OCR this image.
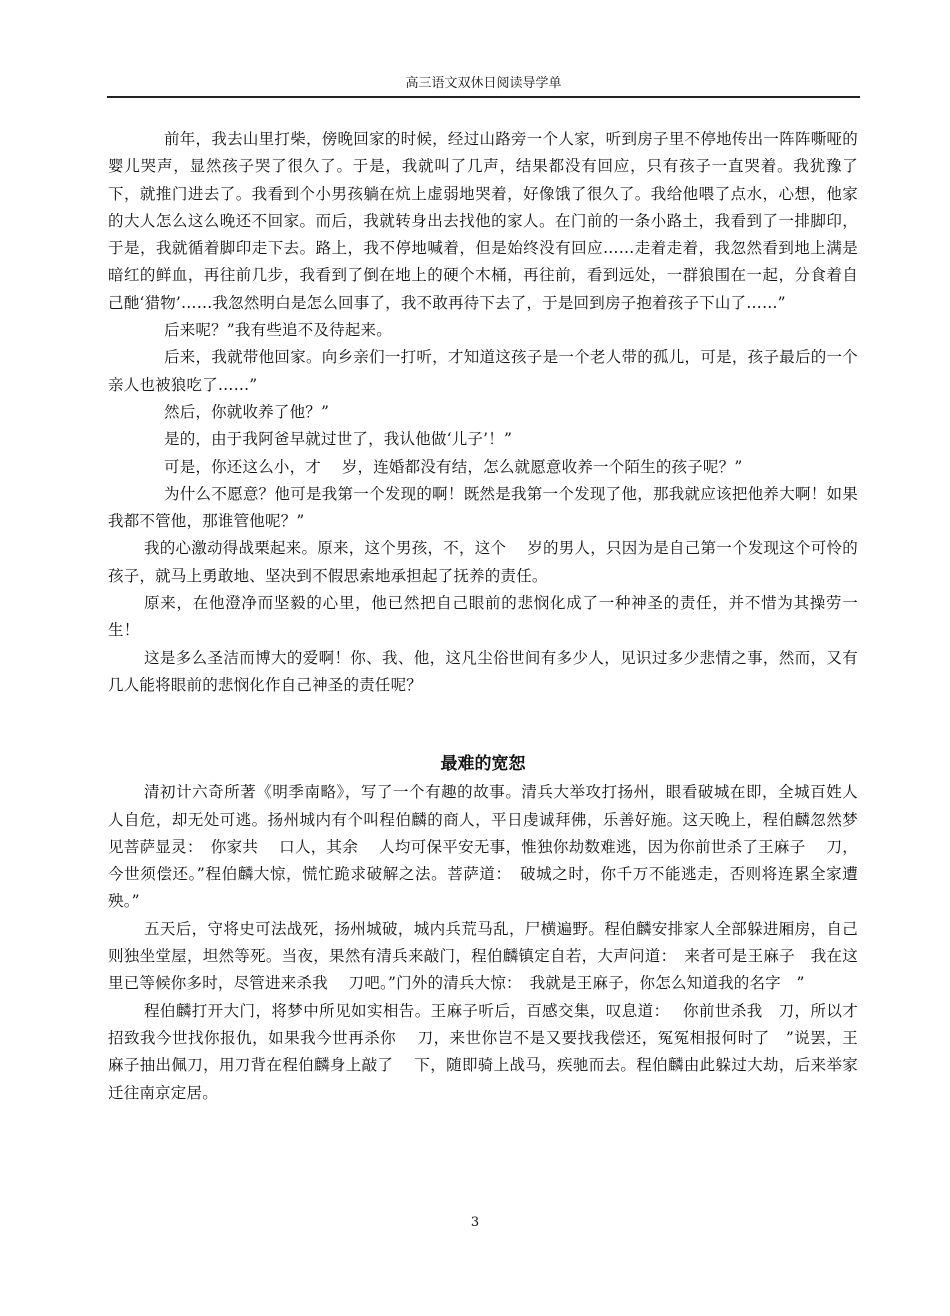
高三语文双休日阅读导学单

前年，我去山里打柴，傍晚回家的时候，经过山路旁一个人家，听到房子里不停地传出一阵阵嘶哑的婴儿哭声，显然孩子哭了很久了。于是，我就叫了几声，结果都没有回应，只有孩子一直哭着。我犹豫了下，就推门进去了。我看到个小男孩躺在炕上虚弱地哭着，好像饿了很久了。我给他喂了点水，心想，他家的大人怎么这么晚还不回家。而后，我就转身出去找他的家人。在门前的一条小路土，我看到了一排脚印，于是，我就循着脚印走下去。路上，我不停地喊着，但是始终没有回应……走着走着，我忽然看到地上满是暗红的鲜血，再往前几步，我看到了倒在地上的硬个木桶，再往前，看到远处，一群狼围在一起，分食着自己酏‘猎物’……我忽然明白是怎么回事了，我不敢再待下去了，于是回到房子抱着孩子下山了……”

后来呢？”我有些追不及待起来。

后来，我就带他回家。向乡亲们一打听，才知道这孩子是一个老人带的孤儿，可是，孩子最后的一个亲人也被狼吃了……”

然后，你就收养了他？”

是的，由于我阿爸早就过世了，我认他做‘儿子’！”

可是，你还这么小，才　 岁，连婚都没有结，怎么就愿意收养一个陌生的孩子呢？”

为什么不愿意？他可是我第一个发现的啊！既然是我第一个发现了他，那我就应该把他养大啊！如果我都不管他，那谁管他呢？”

我的心激动得战栗起来。原来，这个男孩，不，这个　 岁的男人，只因为是自己第一个发现这个可怜的孩子，就马上勇敢地、坚决到不假思索地承担起了抚养的责任。

原来，在他澄净而坚毅的心里，他已然把自己眼前的悲悯化成了一种神圣的责任，并不惜为其操劳一生！

这是多么圣洁而博大的爱啊！你、我、他，这凡尘俗世间有多少人，见识过多少悲情之事，然而，又有几人能将眼前的悲悯化作自己神圣的责任呢？

最难的宽恕

清初计六奇所著《明季南略》，写了一个有趣的故事。清兵大举攻打扬州，眼看破城在即，全城百姓人人自危，却无处可逃。扬州城内有个叫程伯麟的商人，平日虔诚拜佛，乐善好施。这天晚上，程伯麟忽然梦见菩萨显灵：　你家共　 口人，其余　 人均可保平安无事，惟独你劫数难逃，因为你前世杀了王麻子　 刀，今世须偿还。”程伯麟大惊，慌忙跪求破解之法。菩萨道：　破城之时，你千万不能逃走，否则将连累全家遭殃。”

五天后，守将史可法战死，扬州城破，城内兵荒马乱，尸横遍野。程伯麟安排家人全部躲进厢房，自己则独坐堂屋，坦然等死。当夜，果然有清兵来敲门，程伯麟镇定自若，大声问道：　来者可是王麻子　我在这里已等候你多时，尽管进来杀我　 刀吧。”门外的清兵大惊：　我就是王麻子，你怎么知道我的名字　”

程伯麟打开大门，将梦中所见如实相告。王麻子听后，百感交集，叹息道：　 你前世杀我　刀，所以才招致我今世找你报仇，如果我今世再杀你　 刀，来世你岂不是又要找我偿还，冤冤相报何时了　”说罢，王麻子抽出佩刀，用刀背在程伯麟身上敲了　 下，随即骑上战马，疾驰而去。程伯麟由此躲过大劫，后来举家迁往南京定居。

3
